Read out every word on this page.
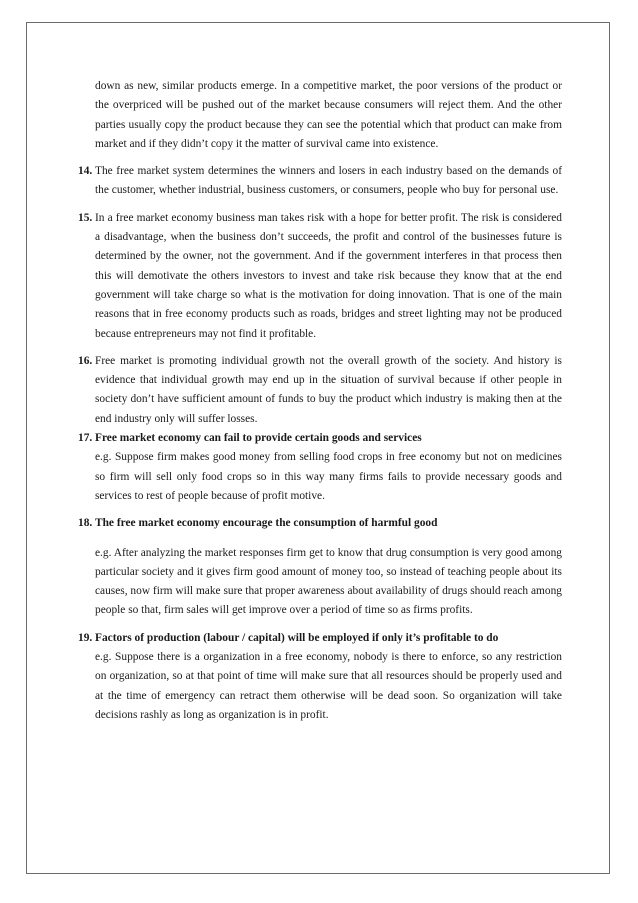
down as new, similar products emerge. In a competitive market, the poor versions of the product or the overpriced will be pushed out of the market because consumers will reject them. And the other parties usually copy the product because they can see the potential which that product can make from market and if they didn’t copy it the matter of survival came into existence.
14. The free market system determines the winners and losers in each industry based on the demands of the customer, whether industrial, business customers, or consumers, people who buy for personal use.
15. In a free market economy business man takes risk with a hope for better profit. The risk is considered a disadvantage, when the business don’t succeeds, the profit and control of the businesses future is determined by the owner, not the government. And if the government interferes in that process then this will demotivate the others investors to invest and take risk because they know that at the end government will take charge so what is the motivation for doing innovation. That is one of the main reasons that in free economy products such as roads, bridges and street lighting may not be produced because entrepreneurs may not find it profitable.
16. Free market is promoting individual growth not the overall growth of the society. And history is evidence that individual growth may end up in the situation of survival because if other people in society don’t have sufficient amount of funds to buy the product which industry is making then at the end industry only will suffer losses.
17. Free market economy can fail to provide certain goods and services
e.g. Suppose firm makes good money from selling food crops in free economy but not on medicines so firm will sell only food crops so in this way many firms fails to provide necessary goods and services to rest of people because of profit motive.
18. The free market economy encourage the consumption of harmful good
e.g. After analyzing the market responses firm get to know that drug consumption is very good among particular society and it gives firm good amount of money too, so instead of teaching people about its causes, now firm will make sure that proper awareness about availability of drugs should reach among people so that, firm sales will get improve over a period of time so as firms profits.
19. Factors of production (labour / capital) will be employed if only it’s profitable to do
e.g. Suppose there is a organization in a free economy, nobody is there to enforce, so any restriction on organization, so at that point of time will make sure that all resources should be properly used and at the time of emergency can retract them otherwise will be dead soon. So organization will take decisions rashly as long as organization is in profit.
